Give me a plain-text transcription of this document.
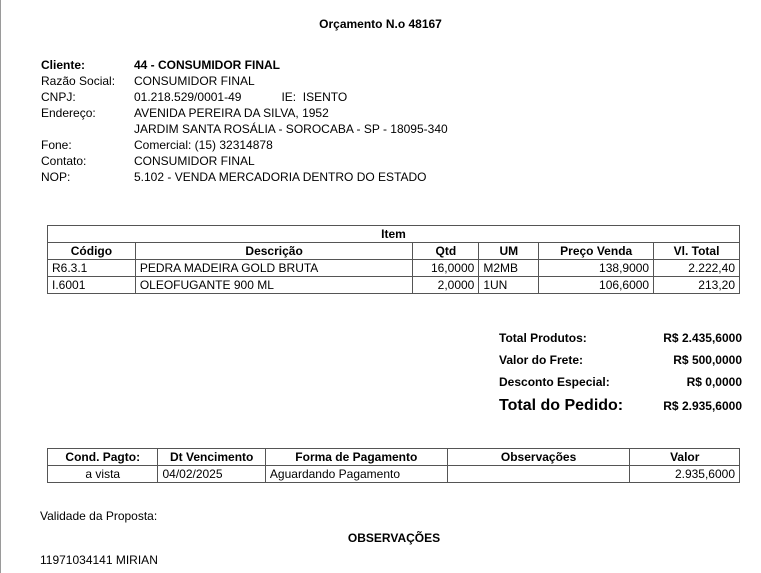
Orçamento N.o 48167
Cliente:	44 - CONSUMIDOR FINAL
Razão Social: CONSUMIDOR FINAL
CNPJ:	01.218.529/0001-49	IE: ISENTO
Endereço:	AVENIDA PEREIRA DA SILVA, 1952
JARDIM SANTA ROSÁLIA - SOROCABA - SP - 18095-340
Fone:	Comercial: (15) 32314878
Contato:	CONSUMIDOR FINAL
NOP:	5.102 - VENDA MERCADORIA DENTRO DO ESTADO
Item					
Código	Descrição	Qtd	UM	Preço Venda	Vl. Total
R6.3.1	PEDRA MADEIRA GOLD BRUTA	16,0000	M2MB	138,9000	2.222,40
I.6001	OLEOFUGANTE 900 ML	2,0000	1UN	106,6000	213,20
Total Produtos:	R$ 2.435,6000
Valor do Frete:	R$ 500,0000
Desconto Especial:	R$ 0,0000
Total do Pedido:	R$ 2.935,6000
Cond. Pagto:	Dt Vencimento	Forma de Pagamento	Observações	Valor
a vista	04/02/2025	Aguardando Pagamento		2.935,6000
Validade da Proposta:
OBSERVAÇÕES
11971034141 MIRIAN
